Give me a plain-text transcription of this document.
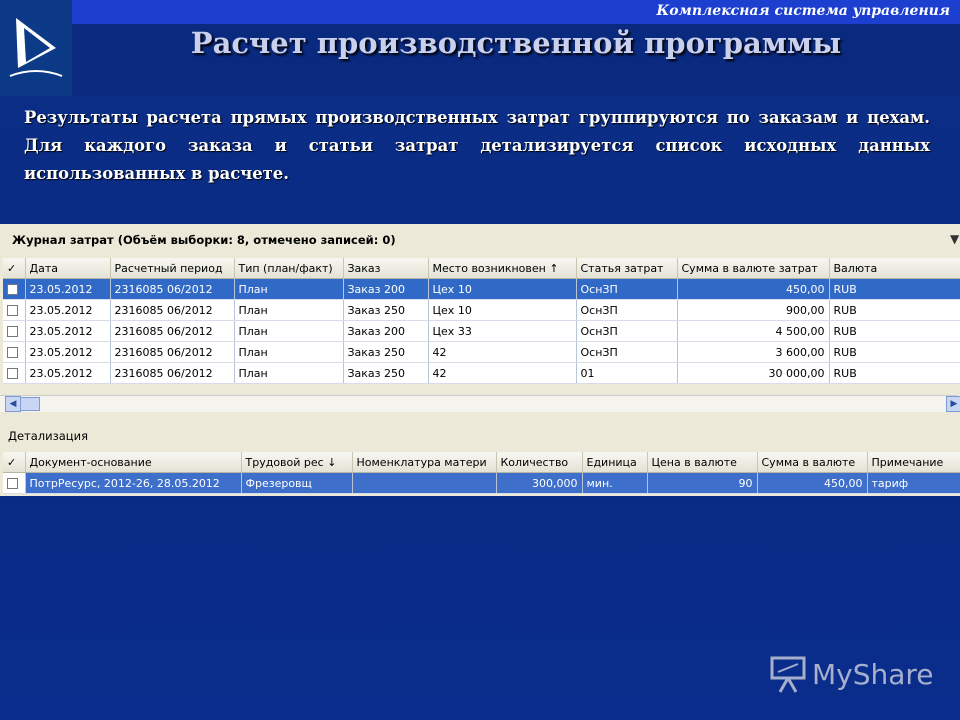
Комплексная система управления
Расчет производственной программы
Результаты расчета прямых производственных затрат группируются по заказам и цехам. Для каждого заказа и статьи затрат детализируется список исходных данных использованных в расчете.
Журнал затрат (Объём выборки: 8, отмечено записей: 0)	▼
✓	Дата	Расчетный период	Тип (план/факт)	Заказ	Место возникновен ↑	Статья затрат	Сумма в валюте затрат	Валюта
	23.05.2012	2316085 06/2012	План	Заказ 200	Цех 10	ОснЗП	450,00	RUB
	23.05.2012	2316085 06/2012	План	Заказ 250	Цех 10	ОснЗП	900,00	RUB
	23.05.2012	2316085 06/2012	План	Заказ 200	Цех 33	ОснЗП	4 500,00	RUB
	23.05.2012	2316085 06/2012	План	Заказ 250	42	ОснЗП	3 600,00	RUB
	23.05.2012	2316085 06/2012	План	Заказ 250	42	01	30 000,00	RUB
◀	▶
Детализация
✓	Документ-основание	Трудовой рес ↓	Номенклатура матери	Количество	Единица	Цена в валюте	Сумма в валюте	Примечание
	ПотрРесурс, 2012-26, 28.05.2012	Фрезеровщ		300,000	мин.	90	450,00	тариф
MyShare
